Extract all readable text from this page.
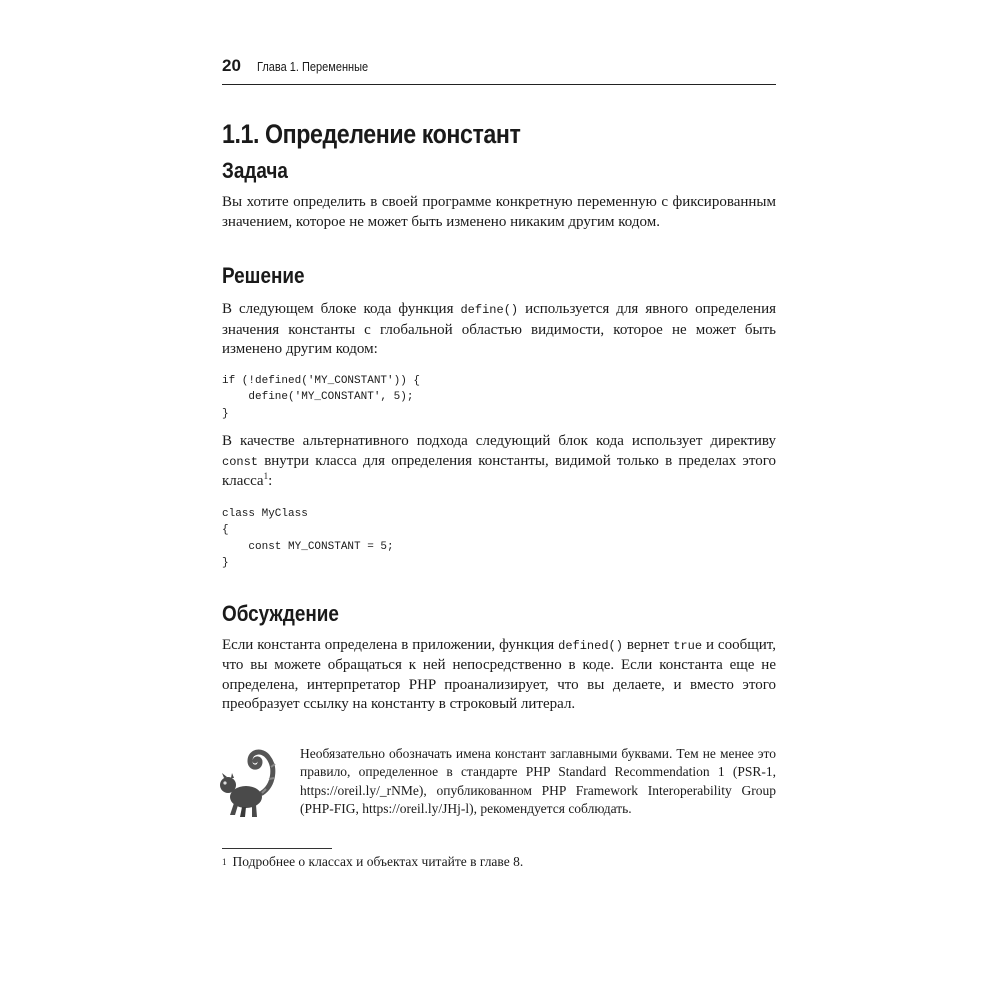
20 Глава 1. Переменные
1.1. Определение констант
Задача

Вы хотите определить в своей программе конкретную переменную с фиксированным значением, которое не может быть изменено никаким другим кодом.

Решение

В следующем блоке кода функция define() используется для явного определения значения константы с глобальной областью видимости, которое не может быть изменено другим кодом:

if (!defined('MY_CONSTANT')) {
define('MY_CONSTANT', 5);
}

В качестве альтернативного подхода следующий блок кода использует директиву const внутри класса для определения константы, видимой только в пределах этого класса$^1$:

class MyClass
{
const MY_CONSTANT = 5;
}
Обсуждение

Если константа определена в приложении, функция defined() вернет true и сообщит, что вы можете обращаться к ней непосредственно в коде. Если константа еще не определена, интерпретатор PHP проанализирует, что вы делаете, и вместо этого преобразует ссылку на константу в строковый литерал.

Необязательно обозначать имена констант заглавными буквами. Тем не менее это правило, определенное в стандарте PHP Standard Recommendation 1 (PSR-1, https://oreil.ly/_rNMe), опубликованном PHP Framework Interoperability Group (PHP-FIG, https://oreil.ly/JHj-l), рекомендуется соблюдать.
$^1$ Подробнее о классах и объектах читайте в главе 8.
